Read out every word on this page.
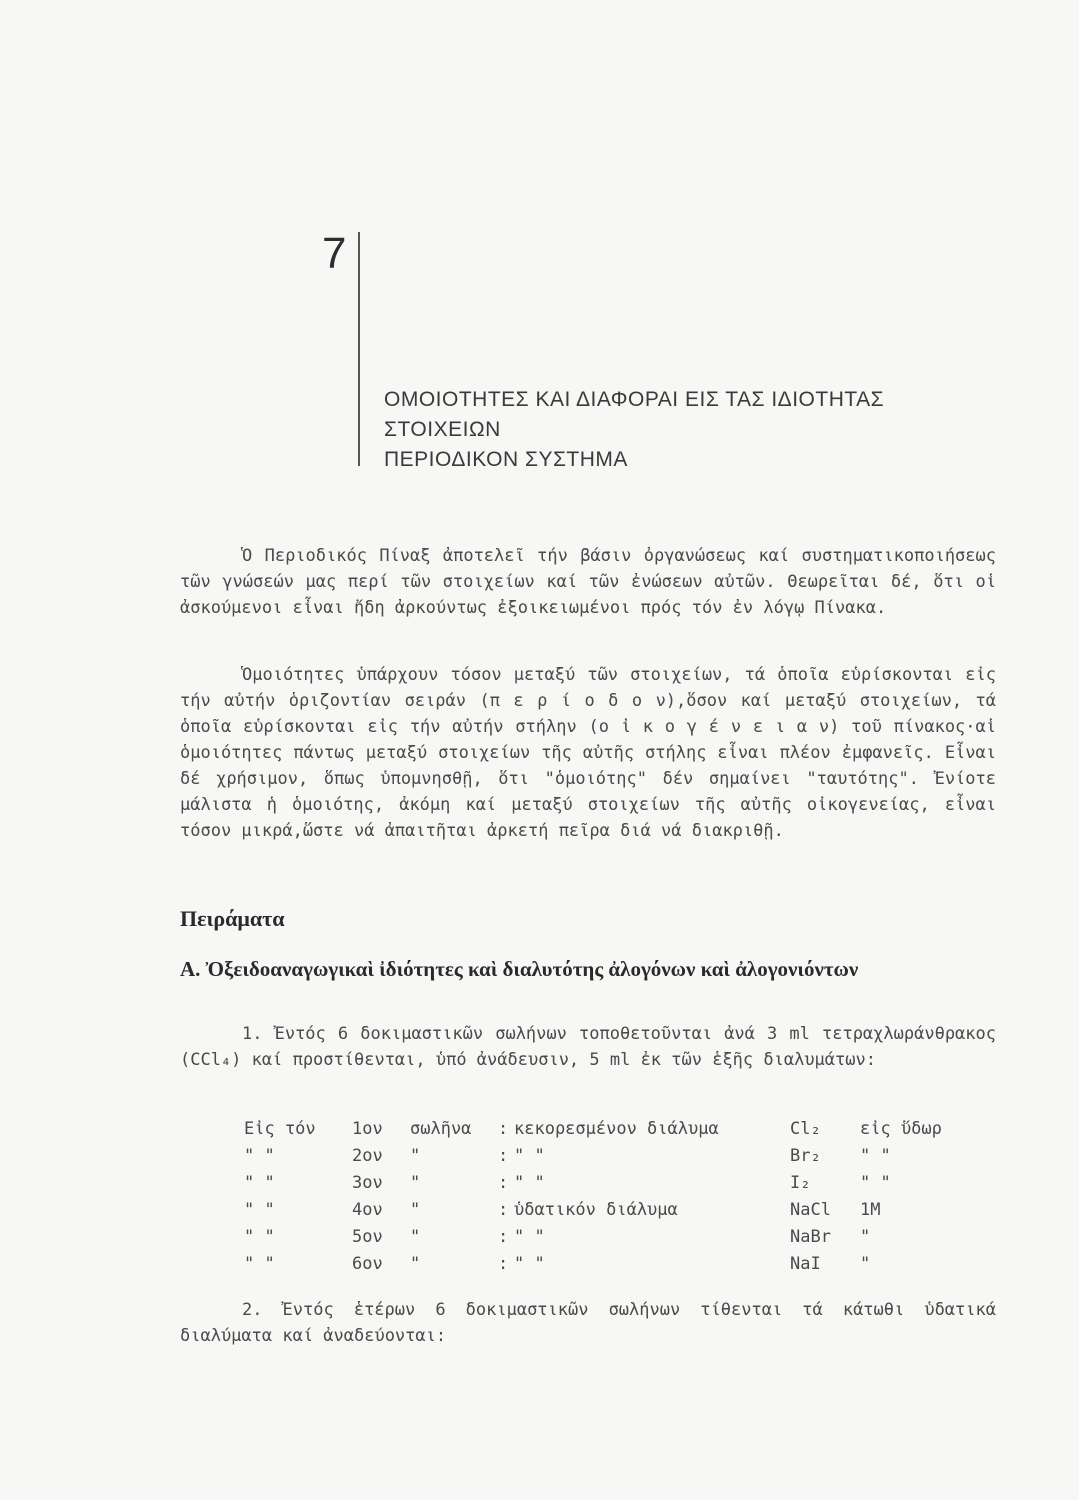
7
ΟΜΟΙΟΤΗΤΕΣ ΚΑΙ ΔΙΑΦΟΡΑΙ ΕΙΣ ΤΑΣ ΙΔΙΟΤΗΤΑΣ
ΣΤΟΙΧΕΙΩΝ
ΠΕΡΙΟΔΙΚΟΝ ΣΥΣΤΗΜΑ

Ὁ Περιοδικός Πίναξ ἀποτελεῖ τήν βάσιν ὀργανώσεως καί συστηματικοποιήσεως τῶν γνώσεών μας περί τῶν στοιχείων καί τῶν ἐνώσεων αὐτῶν. Θεωρεῖται δέ, ὅτι οἱ ἀσκούμενοι εἶναι ἤδη ἀρκούντως ἐξοικειωμένοι πρός τόν ἐν λόγῳ Πίνακα.

Ὁμοιότητες ὑπάρχουν τόσον μεταξύ τῶν στοιχείων, τά ὁποῖα εὑρίσκονται εἰς τήν αὐτήν ὁριζοντίαν σειράν (π ε ρ ί ο δ ο ν),ὅσον καί μεταξύ στοιχείων, τά ὁποῖα εὑρίσκονται εἰς τήν αὐτήν στήλην (ο ἰ κ ο γ έ ν ε ι α ν) τοῦ πίνακος·αἱ ὁμοιότητες πάντως μεταξύ στοιχείων τῆς αὐτῆς στήλης εἶναι πλέον ἐμφανεῖς. Εἶναι δέ χρήσιμον, ὅπως ὑπομνησθῇ, ὅτι "ὁμοιότης" δέν σημαίνει "ταυτότης". Ἐνίοτε μάλιστα ἡ ὁμοιότης, ἀκόμη καί μεταξύ στοιχείων τῆς αὐτῆς οἰκογενείας, εἶναι τόσον μικρά,ὥστε νά ἀπαιτῆται ἀρκετή πεῖρα διά νά διακριθῇ.

Πειράματα
Α. Ὀξειδοαναγωγικαὶ ἰδιότητες καὶ διαλυτότης ἀλογόνων καὶ ἀλογονιόντων

1. Ἐντός 6 δοκιμαστικῶν σωλήνων τοποθετοῦνται ἀνά 3 ml τετραχλωράνθρακος (CCl₄) καί προστίθενται, ὑπό ἀνάδευσιν, 5 ml ἐκ τῶν ἑξῆς διαλυμάτων:

Εἰς τόν	1ον	σωλῆνα	:	κεκορεσμένον διάλυμα	Cl₂	εἰς ὕδωρ
" "	2ον	"	:	" "	Br₂	" "
" "	3ον	"	:	" "	I₂	" "
" "	4ον	"	:	ὑδατικόν διάλυμα	NaCl	1M
" "	5ον	"	:	" "	NaBr	"
" "	6ον	"	:	" "	NaI	"

2. Ἐντός ἑτέρων 6 δοκιμαστικῶν σωλήνων τίθενται τά κάτωθι ὑδατικά διαλύματα καί ἀναδεύονται:
